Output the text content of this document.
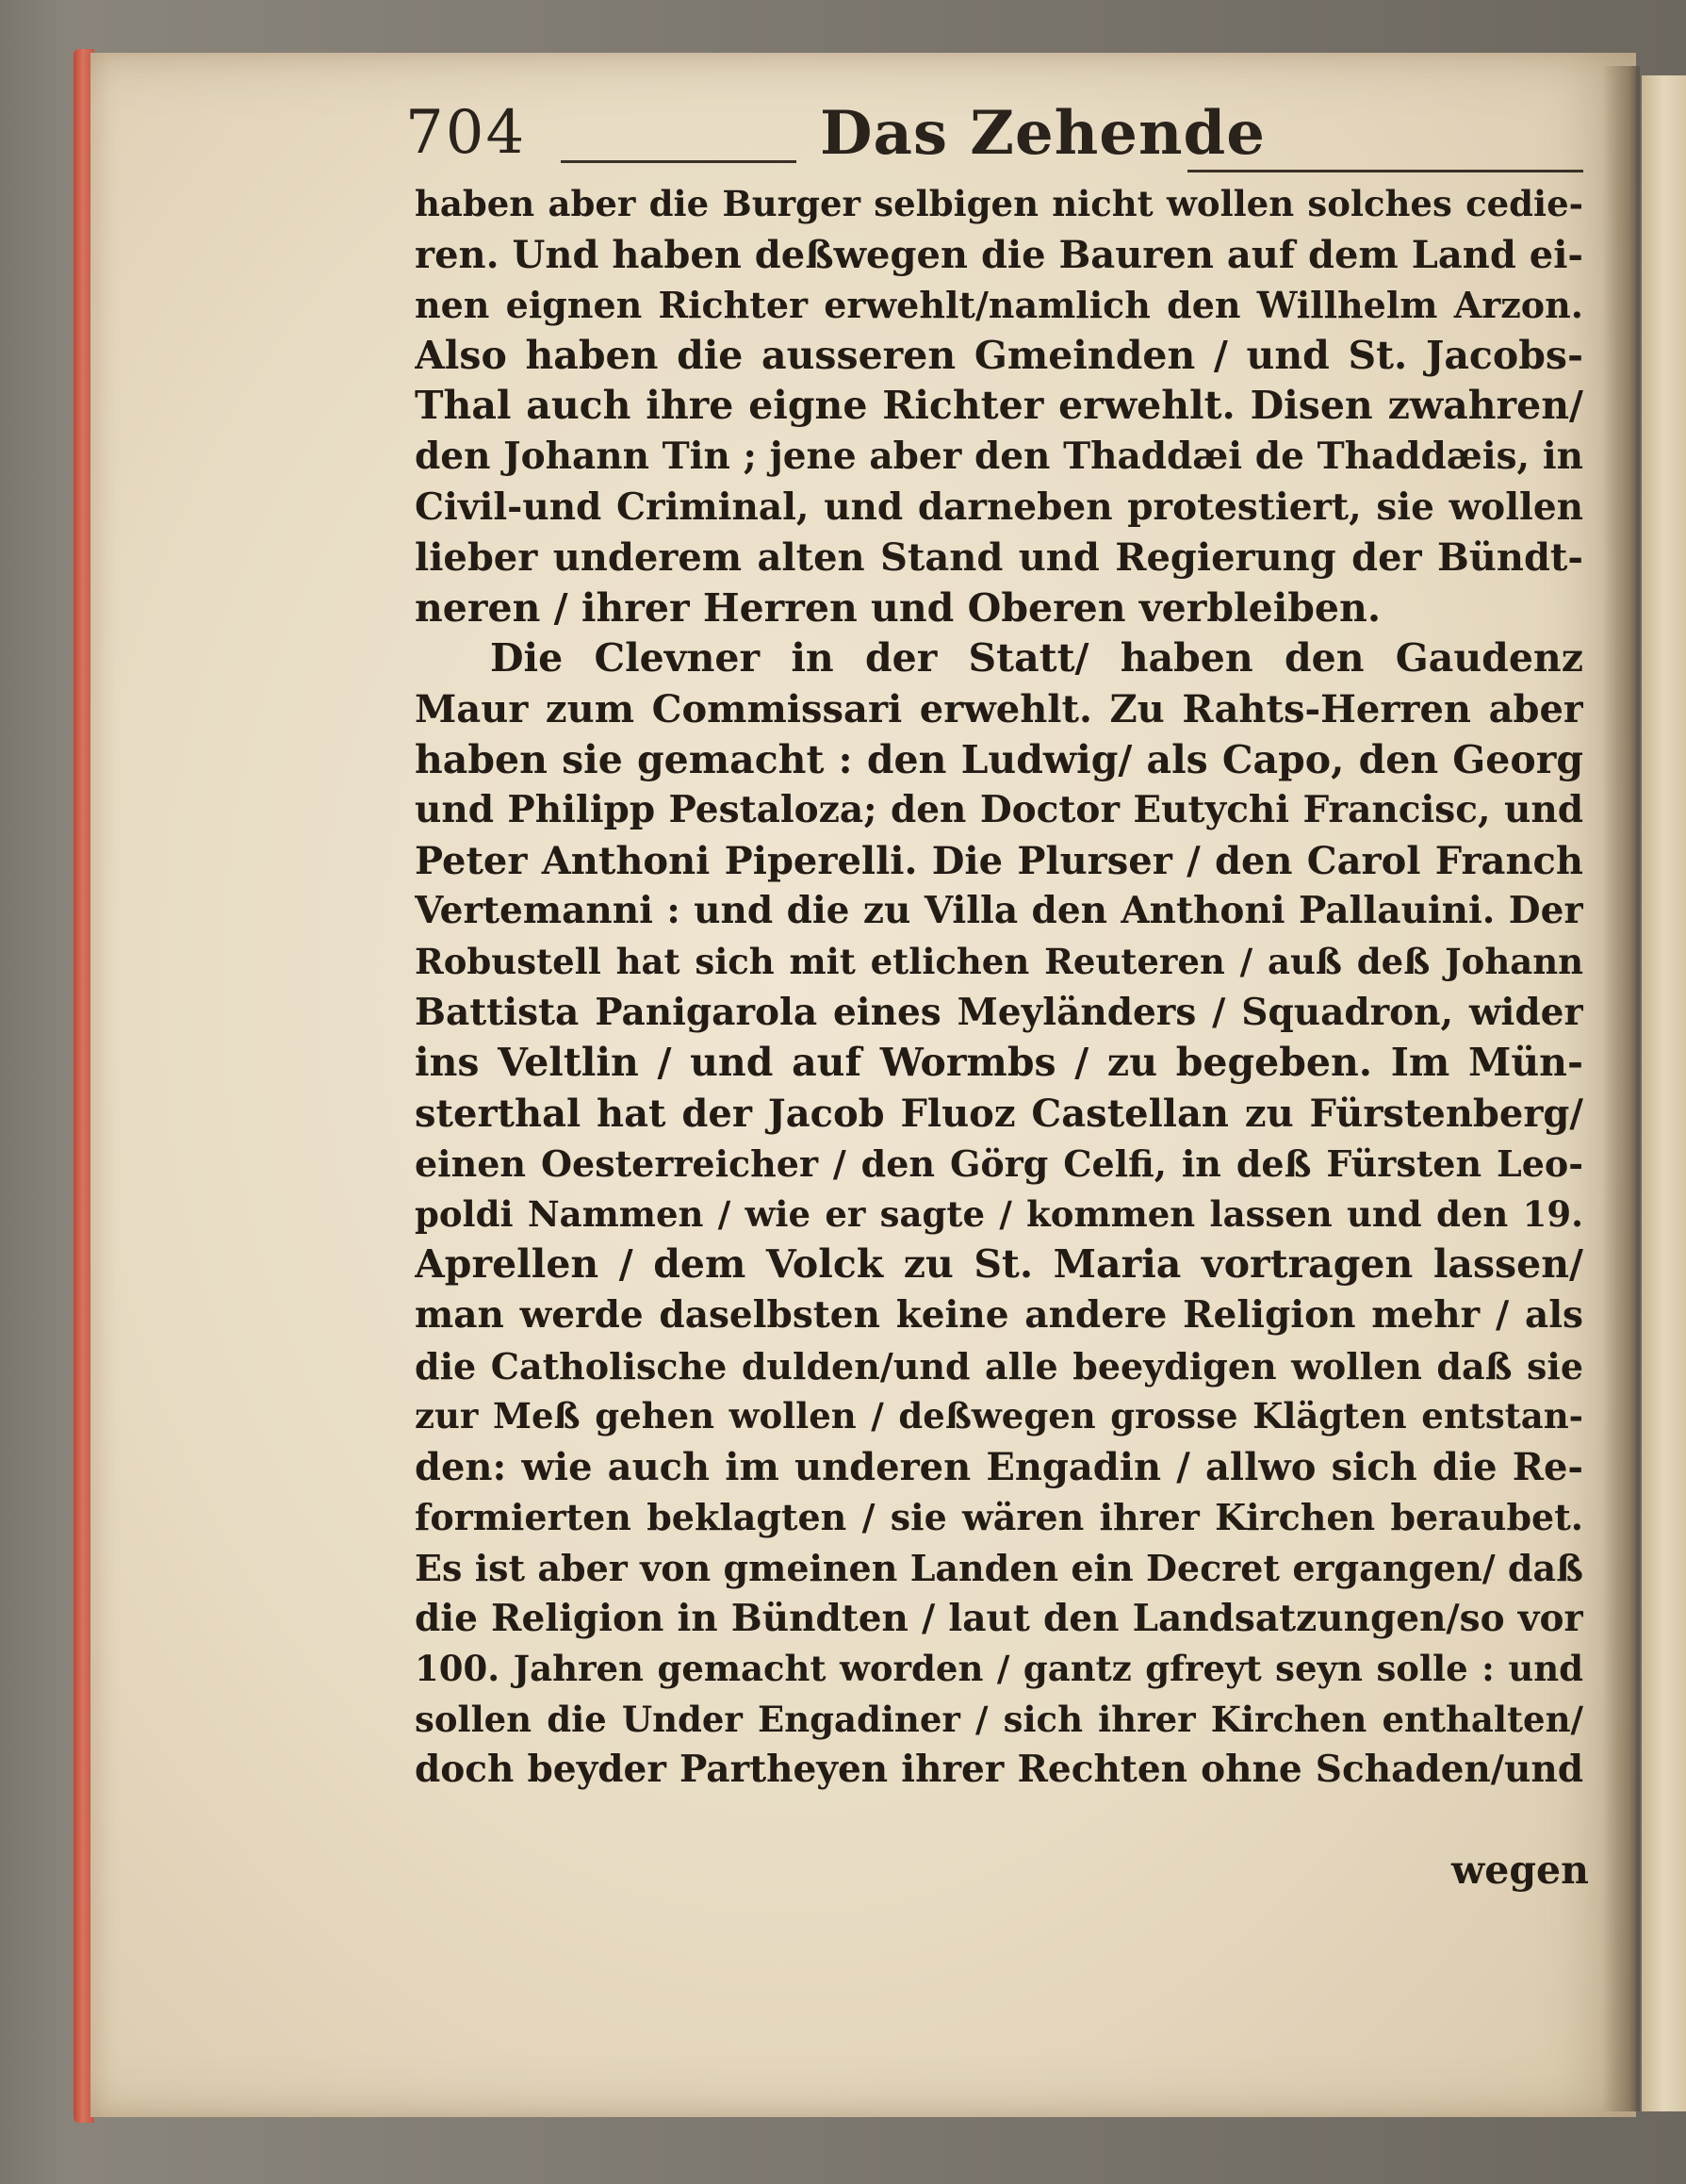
704	Das Zehende
haben aber die Burger selbigen nicht wollen solches cedie-
ren. Und haben deßwegen die Bauren auf dem Land ei-
nen eignen Richter erwehlt/namlich den Willhelm Arzon.
Also haben die ausseren Gmeinden / und St. Jacobs-
Thal auch ihre eigne Richter erwehlt. Disen zwahren/
den Johann Tin ; jene aber den Thaddæi de Thaddæis, in
Civil-und Criminal, und darneben protestiert, sie wollen
lieber underem alten Stand und Regierung der Bündt-
neren / ihrer Herren und Oberen verbleiben.
Die Clevner in der Statt/ haben den Gaudenz
Maur zum Commissari erwehlt. Zu Rahts-Herren aber
haben sie gemacht : den Ludwig/ als Capo, den Georg
und Philipp Pestaloza; den Doctor Eutychi Francisc, und
Peter Anthoni Piperelli. Die Plurser / den Carol Franch
Vertemanni : und die zu Villa den Anthoni Pallauini. Der
Robustell hat sich mit etlichen Reuteren / auß deß Johann
Battista Panigarola eines Meyländers / Squadron, wider
ins Veltlin / und auf Wormbs / zu begeben. Im Mün-
sterthal hat der Jacob Fluoz Castellan zu Fürstenberg/
einen Oesterreicher / den Görg Celfi, in deß Fürsten Leo-
poldi Nammen / wie er sagte / kommen lassen und den 19.
Aprellen / dem Volck zu St. Maria vortragen lassen/
man werde daselbsten keine andere Religion mehr / als
die Catholische dulden/und alle beeydigen wollen daß sie
zur Meß gehen wollen / deßwegen grosse Klägten entstan-
den: wie auch im underen Engadin / allwo sich die Re-
formierten beklagten / sie wären ihrer Kirchen beraubet.
Es ist aber von gmeinen Landen ein Decret ergangen/ daß
die Religion in Bündten / laut den Landsatzungen/so vor
100. Jahren gemacht worden / gantz gfreyt seyn solle : und
sollen die Under Engadiner / sich ihrer Kirchen enthalten/
doch beyder Partheyen ihrer Rechten ohne Schaden/und
wegen
